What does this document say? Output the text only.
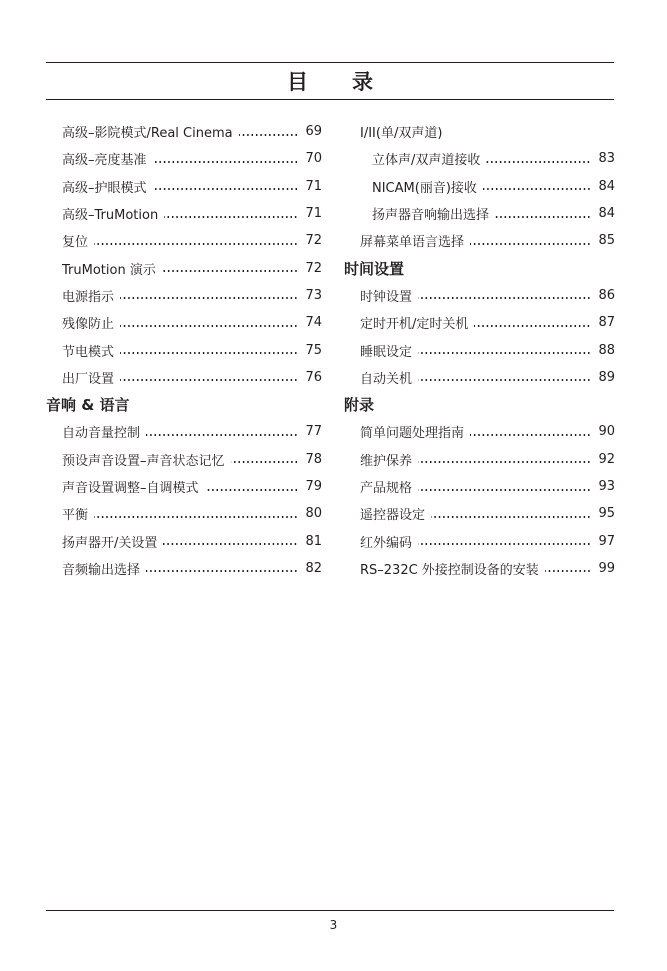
目 录
高级–影院模式/Real Cinema	69
高级–亮度基准	70
高级–护眼模式	71
高级–TruMotion	71
复位	72
TruMotion 演示	72
电源指示	73
残像防止	74
节电模式	75
出厂设置	76
音响 & 语言
自动音量控制	77
预设声音设置–声音状态记忆	78
声音设置调整–自调模式	79
平衡	80
扬声器开/关设置	81
音频输出选择	82
I/II(单/双声道)
立体声/双声道接收	83
NICAM(丽音)接收	84
扬声器音响输出选择	84
屏幕菜单语言选择	85
时间设置
时钟设置	86
定时开机/定时关机	87
睡眠设定	88
自动关机	89
附录
简单问题处理指南	90
维护保养	92
产品规格	93
遥控器设定	95
红外编码	97
RS–232C 外接控制设备的安装	99
3
